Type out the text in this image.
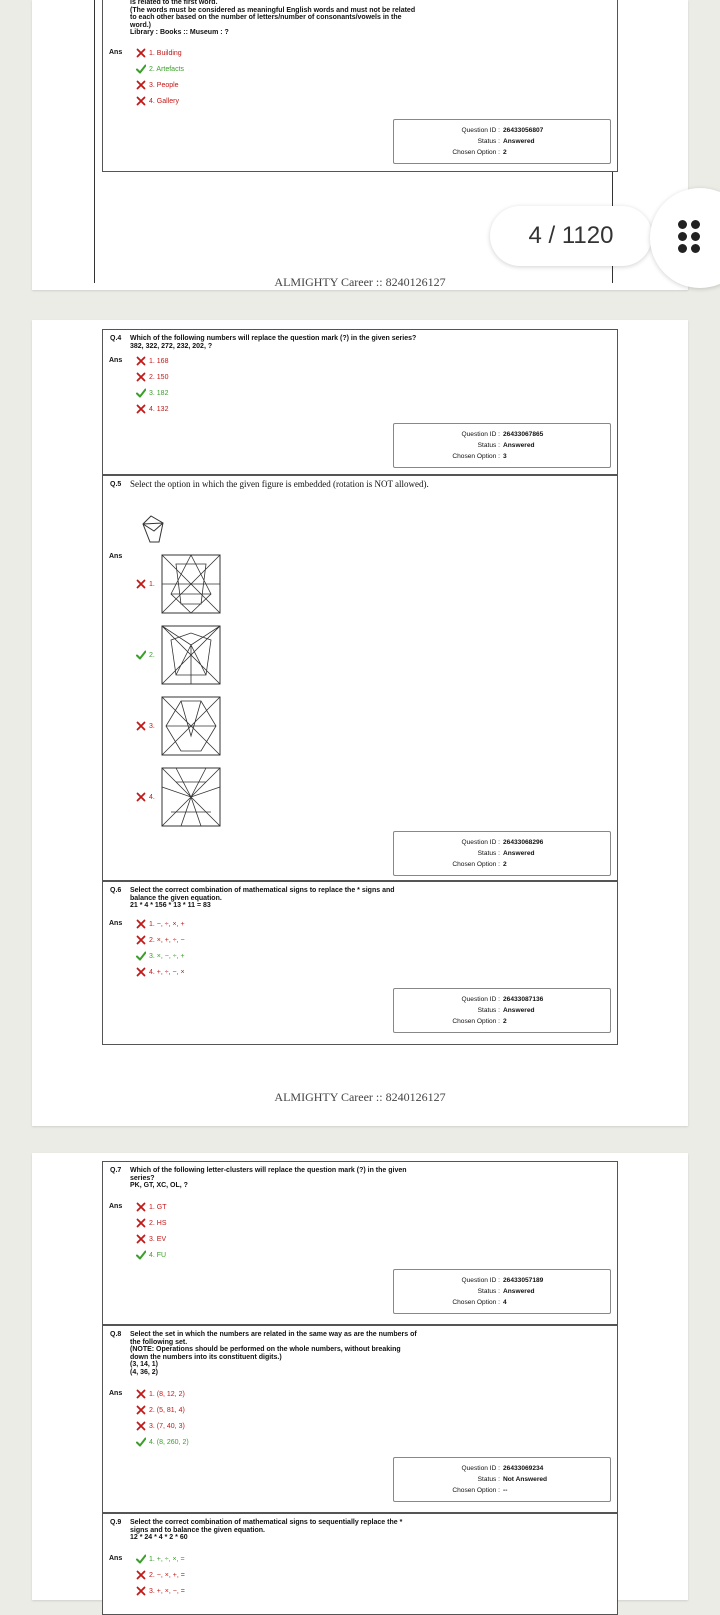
is related to the first word.
(The words must be considered as meaningful English words and must not be related
to each other based on the number of letters/number of consonants/vowels in the
word.)
Library : Books :: Museum : ?
Ans	1. Building
2. Artefacts
3. People
4. Gallery
Question ID : 26433056807
Status : Answered
Chosen Option : 2
ALMIGHTY Career :: 8240126127
4 / 1120
Q.4 Which of the following numbers will replace the question mark (?) in the given series?
382, 322, 272, 232, 202, ?
Ans	1. 168
2. 150
3. 182
4. 132
Question ID : 26433067865
Status : Answered
Chosen Option : 3
Q.5 Select the option in which the given figure is embedded (rotation is NOT allowed).
Ans
1.
2.
3.
4.
Question ID : 26433068296
Status : Answered
Chosen Option : 2
Q.6 Select the correct combination of mathematical signs to replace the * signs and
balance the given equation.
21 * 4 * 156 * 13 * 11 = 83
Ans	1. −, ÷, ×, +
2. ×, +, ÷, −
3. ×, −, ÷, +
4. +, ÷, −, ×
Question ID : 26433087136
Status : Answered
Chosen Option : 2
ALMIGHTY Career :: 8240126127
Q.7 Which of the following letter-clusters will replace the question mark (?) in the given
series?
PK, GT, XC, OL, ?
Ans	1. GT
2. HS
3. EV
4. FU
Question ID : 26433057189
Status : Answered
Chosen Option : 4
Q.8 Select the set in which the numbers are related in the same way as are the numbers of
the following set.
(NOTE: Operations should be performed on the whole numbers, without breaking
down the numbers into its constituent digits.)
(3, 14, 1)
(4, 36, 2)
Ans	1. (8, 12, 2)
2. (5, 81, 4)
3. (7, 40, 3)
4. (8, 260, 2)
Question ID : 26433069234
Status : Not Answered
Chosen Option : --
Q.9 Select the correct combination of mathematical signs to sequentially replace the *
signs and to balance the given equation.
12 * 24 * 4 * 2 * 60
Ans	1. +, ÷, ×, =
2. −, ×, +, =
3. +, ×, −, =
